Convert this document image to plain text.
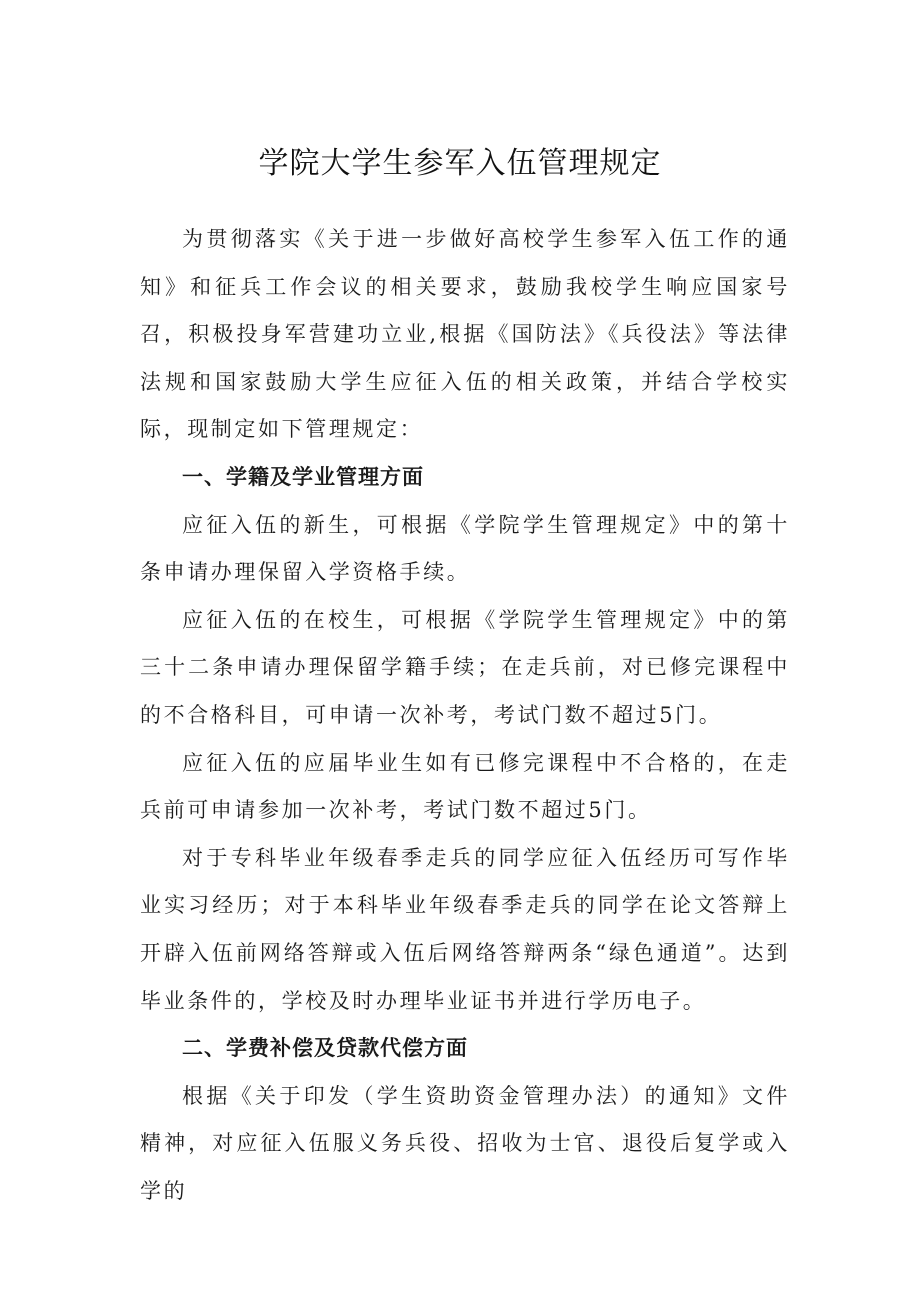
学院大学生参军入伍管理规定

为贯彻落实《关于进一步做好高校学生参军入伍工作的通知》和征兵工作会议的相关要求，鼓励我校学生响应国家号召，积极投身军营建功立业,根据《国防法》《兵役法》等法律法规和国家鼓励大学生应征入伍的相关政策，并结合学校实际，现制定如下管理规定：

一、学籍及学业管理方面

应征入伍的新生，可根据《学院学生管理规定》中的第十条申请办理保留入学资格手续。

应征入伍的在校生，可根据《学院学生管理规定》中的第三十二条申请办理保留学籍手续；在走兵前，对已修完课程中的不合格科目，可申请一次补考，考试门数不超过5门。

应征入伍的应届毕业生如有已修完课程中不合格的，在走兵前可申请参加一次补考，考试门数不超过5门。

对于专科毕业年级春季走兵的同学应征入伍经历可写作毕业实习经历；对于本科毕业年级春季走兵的同学在论文答辩上开辟入伍前网络答辩或入伍后网络答辩两条“绿色通道”。达到毕业条件的，学校及时办理毕业证书并进行学历电子。

二、学费补偿及贷款代偿方面

根据《关于印发（学生资助资金管理办法）的通知》文件精神，对应征入伍服义务兵役、招收为士官、退役后复学或入学的
